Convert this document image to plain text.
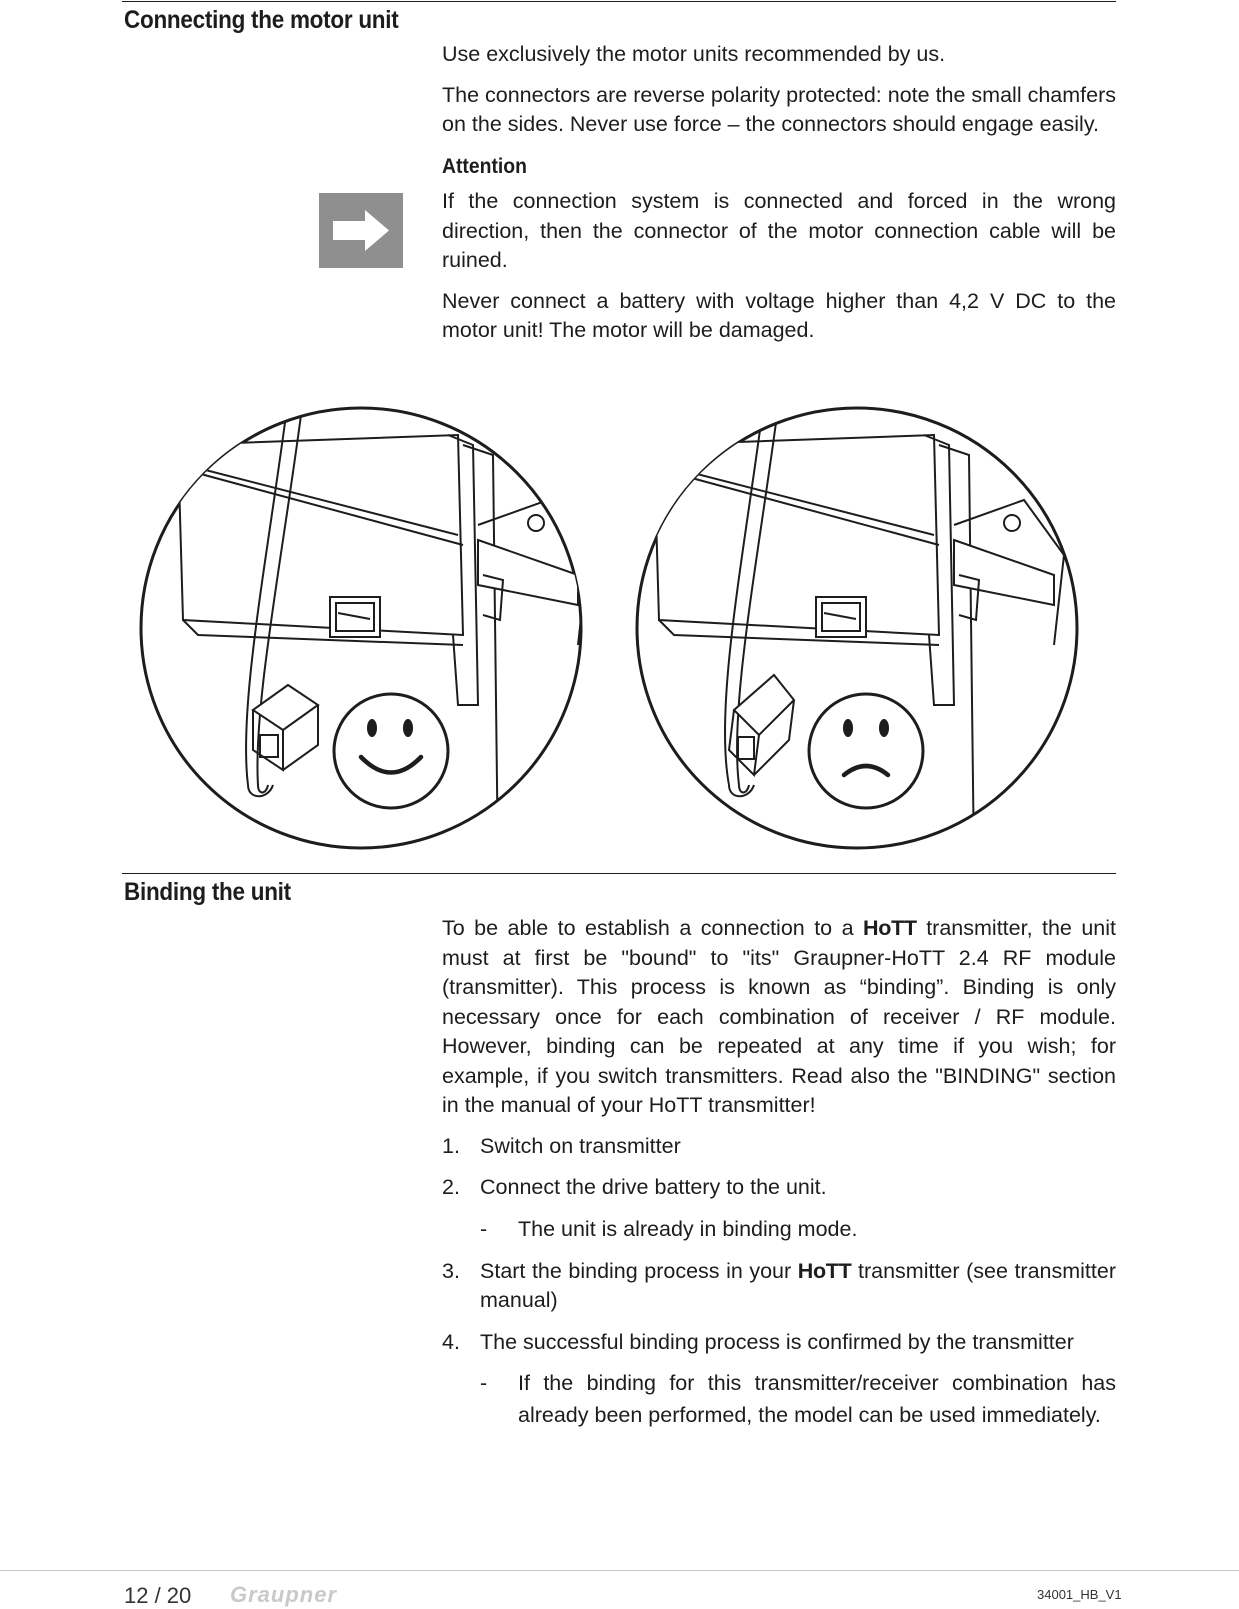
Connecting the motor unit

Use exclusively the motor units recommended by us.

The connectors are reverse polarity protected: note the small chamfers on the sides. Never use force – the connectors should engage easily.

Attention

If the connection system is connected and forced in the wrong direction, then the connector of the motor connection cable will be ruined.

Never connect a battery with voltage higher than 4,2 V DC to the motor unit! The motor will be damaged.

Binding the unit

To be able to establish a connection to a HoTT transmitter, the unit must at first be "bound" to "its" Graupner-HoTT 2.4 RF module (transmitter). This process is known as “binding”. Binding is only necessary once for each combination of receiver / RF module. However, binding can be repeated at any time if you wish; for example, if you switch transmitters. Read also the "BINDING" section in the manual of your HoTT transmitter!

1. Switch on transmitter
2. Connect the drive battery to the unit.
- The unit is already in binding mode.
3. Start the binding process in your HoTT transmitter (see transmitter manual)
4. The successful binding process is confirmed by the transmitter
- If the binding for this transmitter/receiver combination has already been performed, the model can be used immediately.
12 / 20 Graupner	34001_HB_V1
